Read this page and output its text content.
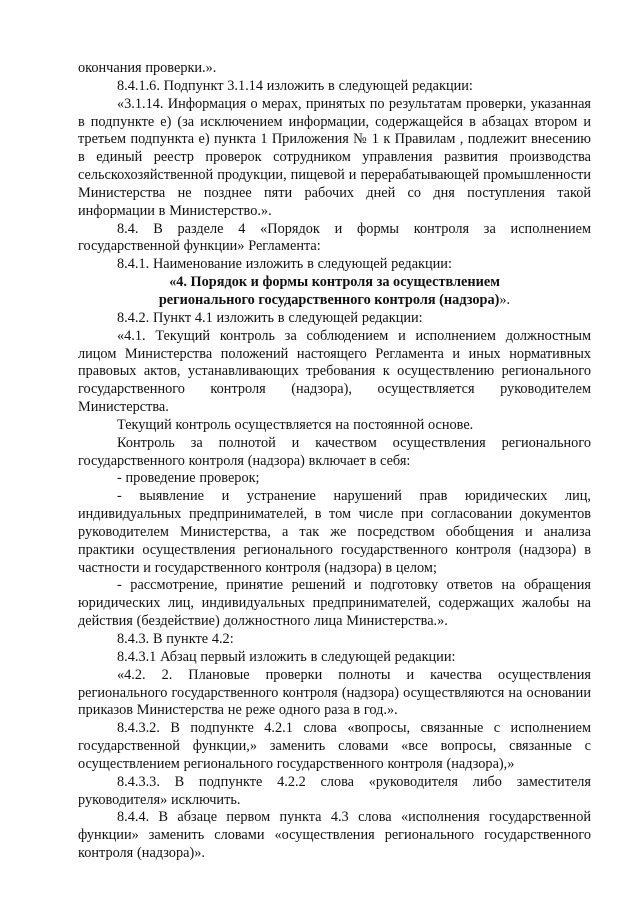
окончания проверки.».

8.4.1.6. Подпункт 3.1.14 изложить в следующей редакции:

«3.1.14. Информация о мерах, принятых по результатам проверки, указанная в подпункте е) (за исключением информации, содержащейся в абзацах втором и третьем подпункта е) пункта 1 Приложения № 1 к Правилам , подлежит внесению в единый реестр проверок сотрудником управления развития производства сельскохозяйственной продукции, пищевой и перерабатывающей промышленности Министерства не позднее пяти рабочих дней со дня поступления такой информации в Министерство.».

8.4. В разделе 4 «Порядок и формы контроля за исполнением государственной функции» Регламента:

8.4.1. Наименование изложить в следующей редакции:

«4. Порядок и формы контроля за осуществлением
регионального государственного контроля (надзора)».

8.4.2. Пункт 4.1 изложить в следующей редакции:

«4.1. Текущий контроль за соблюдением и исполнением должностным лицом Министерства положений настоящего Регламента и иных нормативных правовых актов, устанавливающих требования к осуществлению регионального государственного контроля (надзора), осуществляется руководителем Министерства.

Текущий контроль осуществляется на постоянной основе.

Контроль за полнотой и качеством осуществления регионального государственного контроля (надзора) включает в себя:

- проведение проверок;

- выявление и устранение нарушений прав юридических лиц, индивидуальных предпринимателей, в том числе при согласовании документов руководителем Министерства, а так же посредством обобщения и анализа практики осуществления регионального государственного контроля (надзора) в частности и государственного контроля (надзора) в целом;

- рассмотрение, принятие решений и подготовку ответов на обращения юридических лиц, индивидуальных предпринимателей, содержащих жалобы на действия (бездействие) должностного лица Министерства.».

8.4.3. В пункте 4.2:

8.4.3.1 Абзац первый изложить в следующей редакции:

«4.2. 2. Плановые проверки полноты и качества осуществления регионального государственного контроля (надзора) осуществляются на основании приказов Министерства не реже одного раза в год.».

8.4.3.2. В подпункте 4.2.1 слова «вопросы, связанные с исполнением государственной функции,» заменить словами «все вопросы, связанные с осуществлением регионального государственного контроля (надзора),»

8.4.3.3. В подпункте 4.2.2 слова «руководителя либо заместителя руководителя» исключить.

8.4.4. В абзаце первом пункта 4.3 слова «исполнения государственной функции» заменить словами «осуществления регионального государственного контроля (надзора)».
